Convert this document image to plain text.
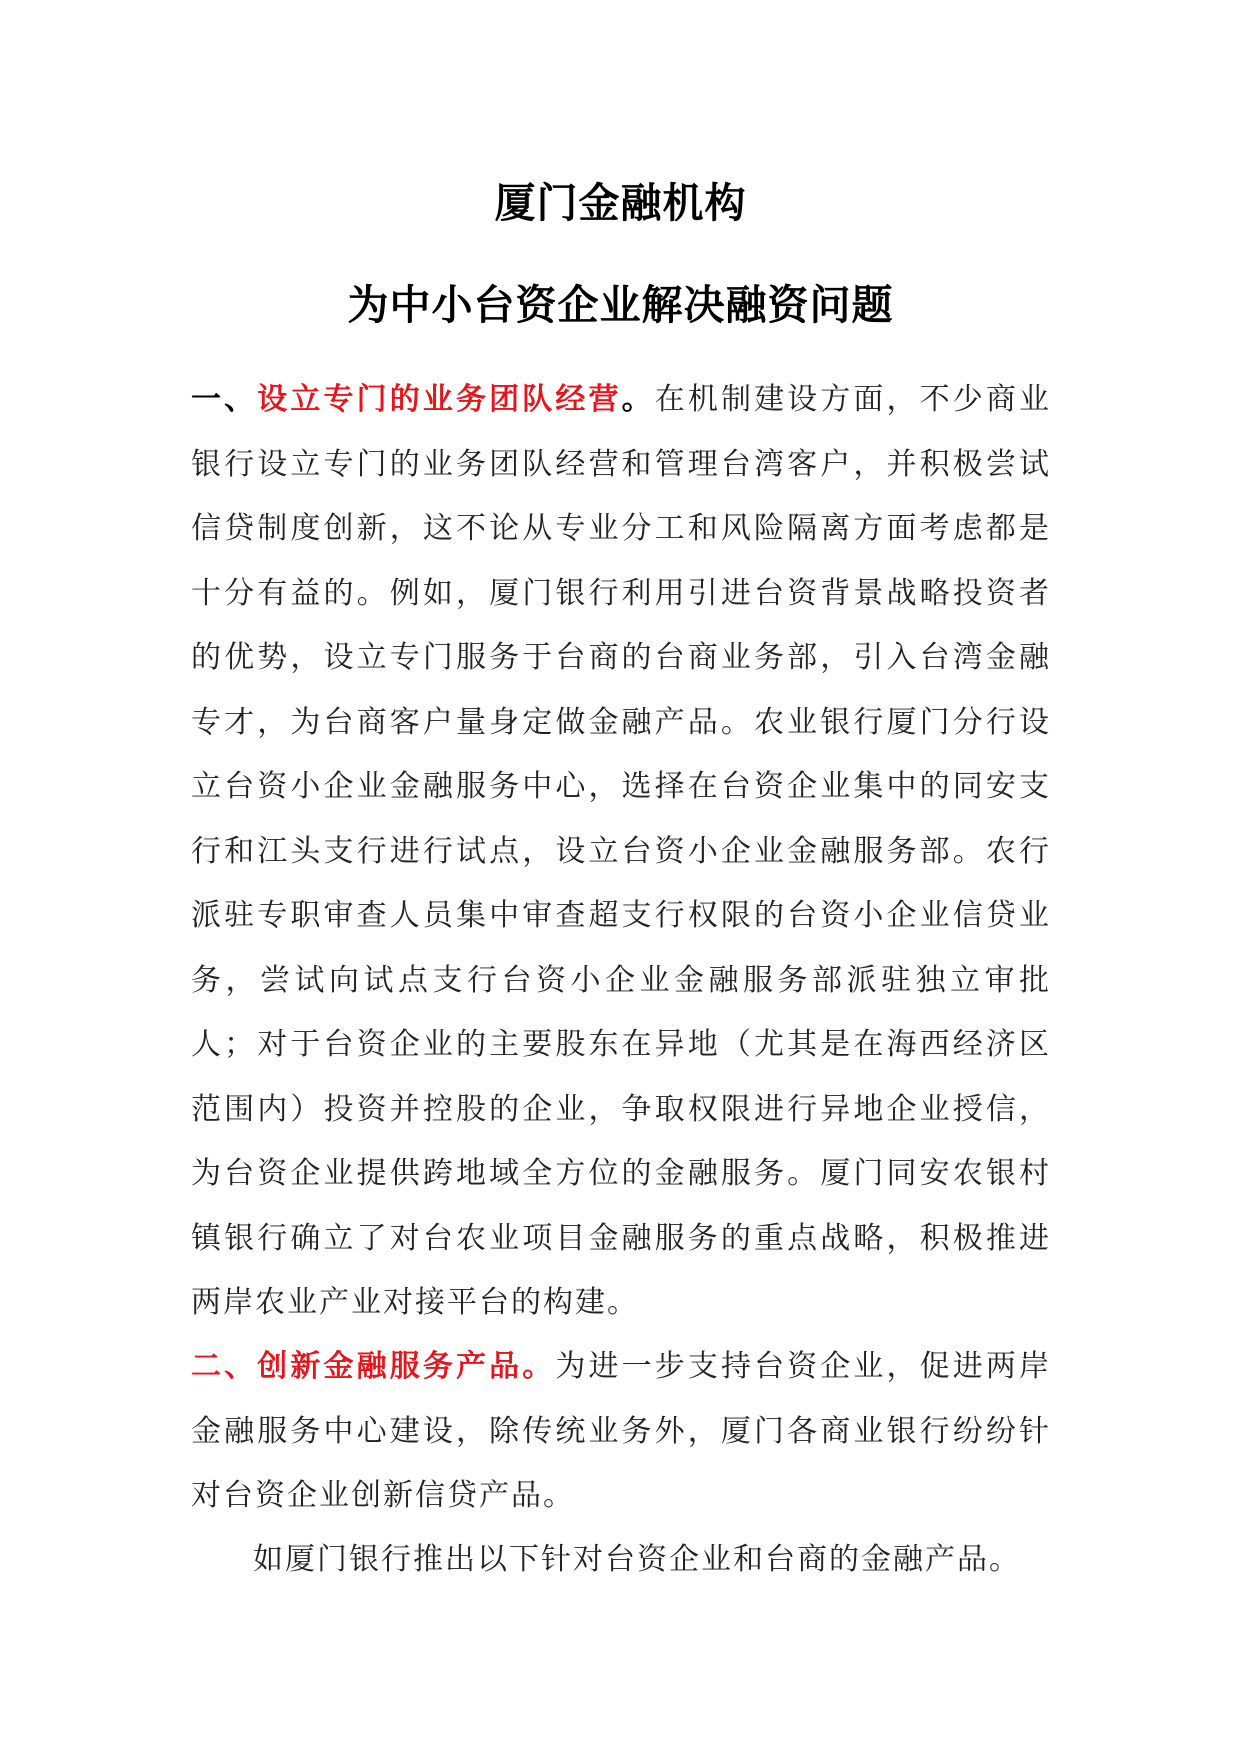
厦门金融机构
为中小台资企业解决融资问题

一、设立专门的业务团队经营。在机制建设方面，不少商业银行设立专门的业务团队经营和管理台湾客户，并积极尝试信贷制度创新，这不论从专业分工和风险隔离方面考虑都是十分有益的。例如，厦门银行利用引进台资背景战略投资者的优势，设立专门服务于台商的台商业务部，引入台湾金融专才，为台商客户量身定做金融产品。农业银行厦门分行设立台资小企业金融服务中心，选择在台资企业集中的同安支行和江头支行进行试点，设立台资小企业金融服务部。农行派驻专职审查人员集中审查超支行权限的台资小企业信贷业务，尝试向试点支行台资小企业金融服务部派驻独立审批人；对于台资企业的主要股东在异地（尤其是在海西经济区范围内）投资并控股的企业，争取权限进行异地企业授信，为台资企业提供跨地域全方位的金融服务。厦门同安农银村镇银行确立了对台农业项目金融服务的重点战略，积极推进两岸农业产业对接平台的构建。

二、创新金融服务产品。为进一步支持台资企业，促进两岸金融服务中心建设，除传统业务外，厦门各商业银行纷纷针对台资企业创新信贷产品。

如厦门银行推出以下针对台资企业和台商的金融产品。
